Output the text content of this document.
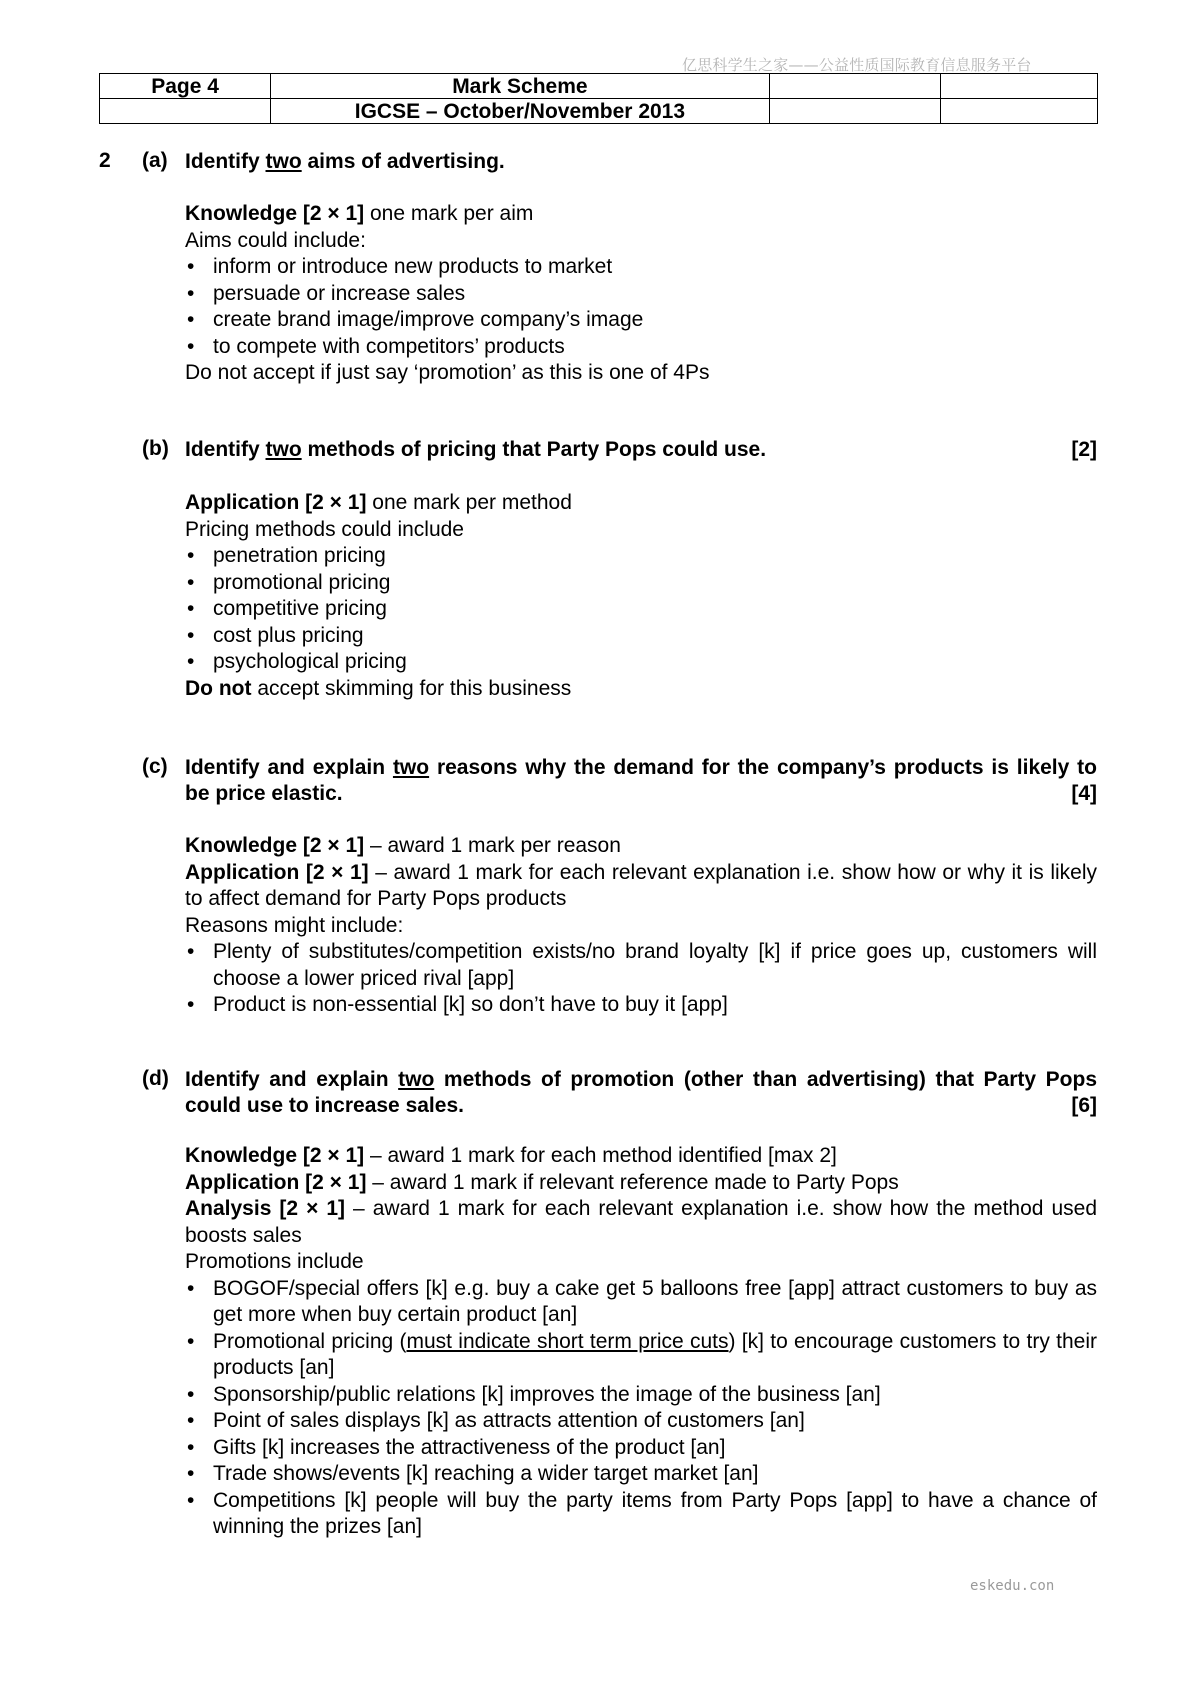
亿思科学生之家——公益性质国际教育信息服务平台
Page 4	Mark Scheme		
	IGCSE – October/November 2013		
2 (a) Identify two aims of advertising.

Knowledge [2 × 1] one mark per aim

Aims could include:

• inform or introduce new products to market
• persuade or increase sales
• create brand image/improve company’s image
• to compete with competitors’ products

Do not accept if just say ‘promotion’ as this is one of 4Ps

(b)	[2]
Identify two methods of pricing that Party Pops could use.

Application [2 × 1] one mark per method

Pricing methods could include

• penetration pricing
• promotional pricing
• competitive pricing
• cost plus pricing
• psychological pricing

Do not accept skimming for this business

(c) Identify and explain two reasons why the demand for the company’s products is likely to be price elastic.	[4]

Knowledge [2 × 1] – award 1 mark per reason

Application [2 × 1] – award 1 mark for each relevant explanation i.e. show how or why it is likely to affect demand for Party Pops products

Reasons might include:

• Plenty of substitutes/competition exists/no brand loyalty [k] if price goes up, customers will choose a lower priced rival [app]
• Product is non-essential [k] so don’t have to buy it [app]
(d) Identify and explain two methods of promotion (other than advertising) that Party Pops could use to increase sales.	[6]

Knowledge [2 × 1] – award 1 mark for each method identified [max 2]

Application [2 × 1] – award 1 mark if relevant reference made to Party Pops

Analysis [2 × 1] – award 1 mark for each relevant explanation i.e. show how the method used boosts sales

Promotions include

• BOGOF/special offers [k] e.g. buy a cake get 5 balloons free [app] attract customers to buy as get more when buy certain product [an]
• Promotional pricing (must indicate short term price cuts) [k] to encourage customers to try their products [an]
• Sponsorship/public relations [k] improves the image of the business [an]
• Point of sales displays [k] as attracts attention of customers [an]
• Gifts [k] increases the attractiveness of the product [an]
• Trade shows/events [k] reaching a wider target market [an]
• Competitions [k] people will buy the party items from Party Pops [app] to have a chance of winning the prizes [an]
eskedu.con
